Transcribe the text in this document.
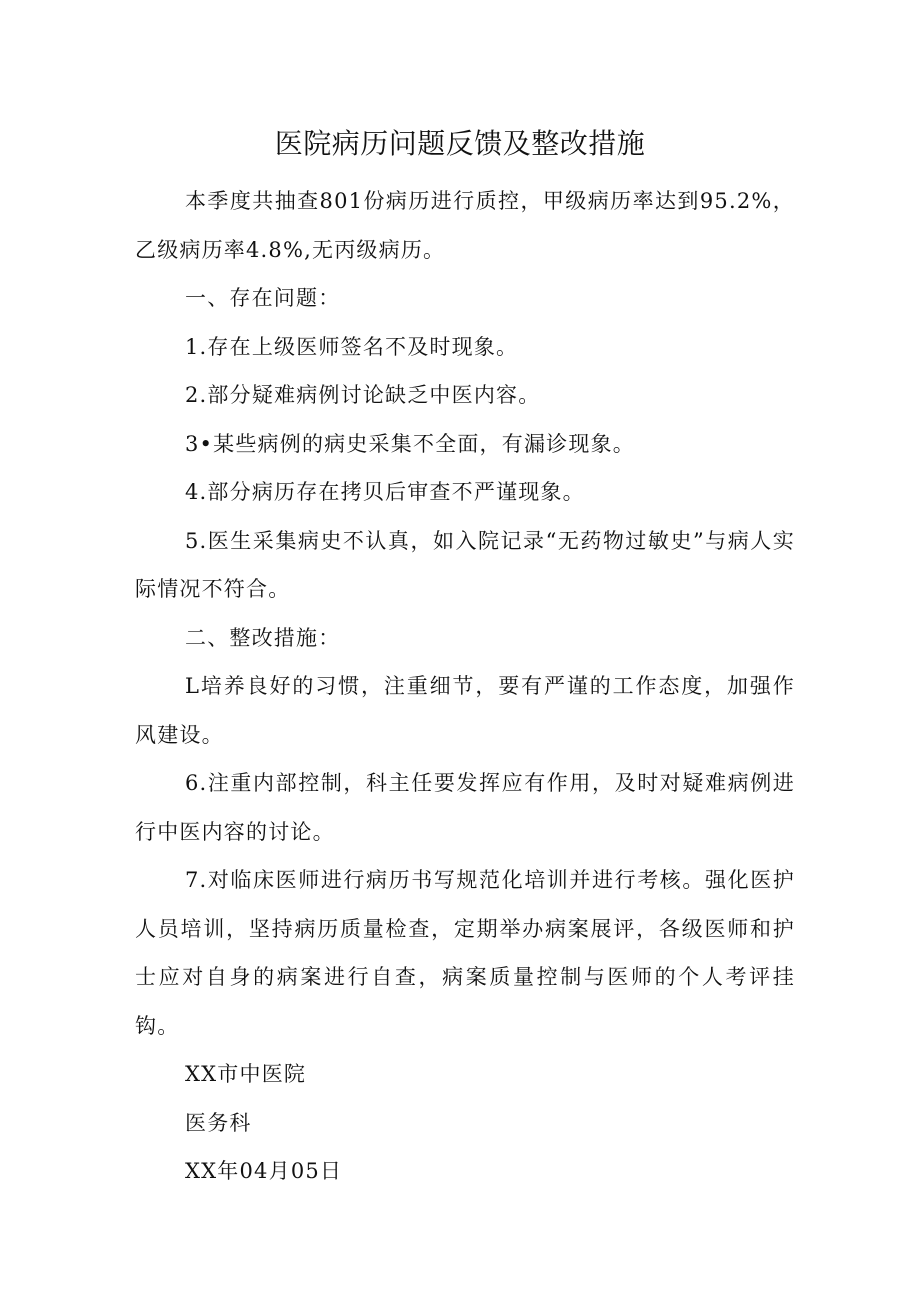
医院病历问题反馈及整改措施

本季度共抽查801份病历进行质控，甲级病历率达到95.2%，乙级病历率4.8%,无丙级病历。

一、存在问题：

1.存在上级医师签名不及时现象。

2.部分疑难病例讨论缺乏中医内容。

3•某些病例的病史采集不全面，有漏诊现象。

4.部分病历存在拷贝后审查不严谨现象。

5.医生采集病史不认真，如入院记录“无药物过敏史”与病人实际情况不符合。

二、整改措施：

L培养良好的习惯，注重细节，要有严谨的工作态度，加强作风建设。

6.注重内部控制，科主任要发挥应有作用，及时对疑难病例进行中医内容的讨论。

7.对临床医师进行病历书写规范化培训并进行考核。强化医护人员培训，坚持病历质量检查，定期举办病案展评，各级医师和护士应对自身的病案进行自查，病案质量控制与医师的个人考评挂钩。

XX市中医院

医务科

XX年04月05日
